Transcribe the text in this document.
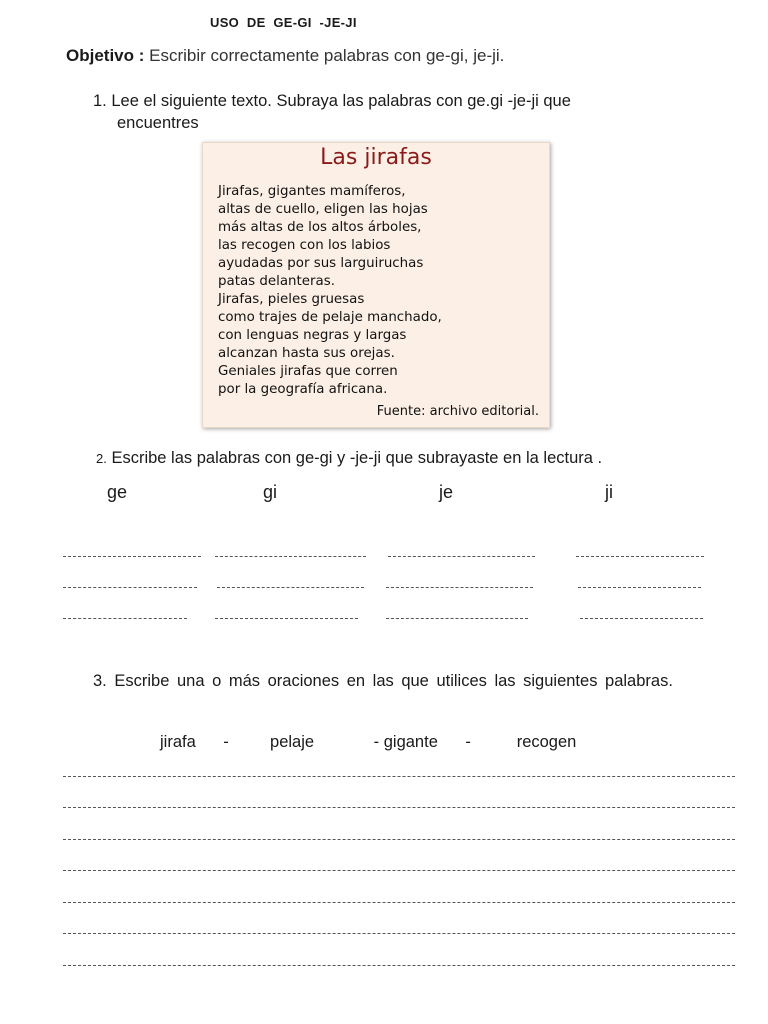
USO  DE  GE-GI  -JE-JI
Objetivo : Escribir correctamente palabras con ge-gi, je-ji.
1. Lee el siguiente texto. Subraya las palabras con ge.gi -je-ji que
encuentres
Las jirafas
Jirafas, gigantes mamíferos,
altas de cuello, eligen las hojas
más altas de los altos árboles,
las recogen con los labios
ayudadas por sus larguiruchas
patas delanteras.
Jirafas, pieles gruesas
como trajes de pelaje manchado,
con lenguas negras y largas
alcanzan hasta sus orejas.
Geniales jirafas que corren
por la geografía africana.
Fuente: archivo editorial.
2. Escribe las palabras con ge-gi y -je-ji que subrayaste en la lectura .
ge	gi	je	ji
3. Escribe una o más oraciones en las que utilices las siguientes palabras.
jirafa      -         pelaje             - gigante      -          recogen
